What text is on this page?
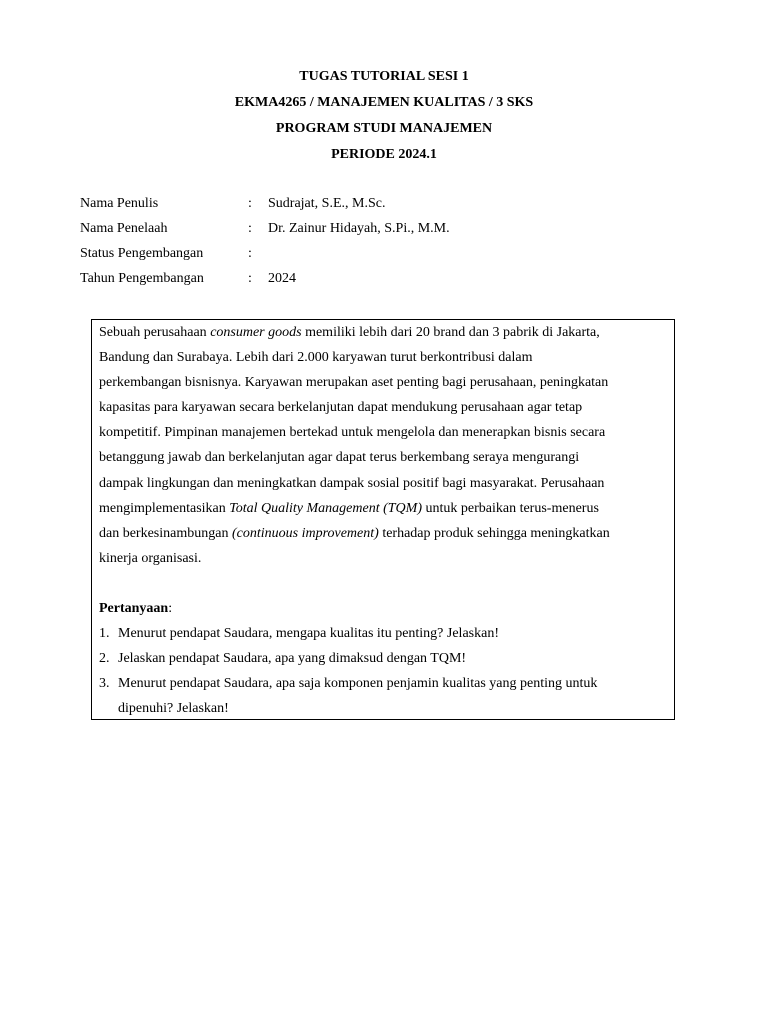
TUGAS TUTORIAL SESI 1
EKMA4265 / MANAJEMEN KUALITAS / 3 SKS
PROGRAM STUDI MANAJEMEN
PERIODE 2024.1
Nama Penulis	: Sudrajat, S.E., M.Sc.
Nama Penelaah	: Dr. Zainur Hidayah, S.Pi., M.M.
Status Pengembangan	:
Tahun Pengembangan	: 2024
Sebuah perusahaan consumer goods memiliki lebih dari 20 brand dan 3 pabrik di Jakarta,
Bandung dan Surabaya. Lebih dari 2.000 karyawan turut berkontribusi dalam
perkembangan bisnisnya. Karyawan merupakan aset penting bagi perusahaan, peningkatan
kapasitas para karyawan secara berkelanjutan dapat mendukung perusahaan agar tetap
kompetitif. Pimpinan manajemen bertekad untuk mengelola dan menerapkan bisnis secara
betanggung jawab dan berkelanjutan agar dapat terus berkembang seraya mengurangi
dampak lingkungan dan meningkatkan dampak sosial positif bagi masyarakat. Perusahaan
mengimplementasikan Total Quality Management (TQM) untuk perbaikan terus-menerus
dan berkesinambungan (continuous improvement) terhadap produk sehingga meningkatkan
kinerja organisasi.

Pertanyaan:

1. Menurut pendapat Saudara, mengapa kualitas itu penting? Jelaskan!
2. Jelaskan pendapat Saudara, apa yang dimaksud dengan TQM!
3. Menurut pendapat Saudara, apa saja komponen penjamin kualitas yang penting untuk
dipenuhi? Jelaskan!
